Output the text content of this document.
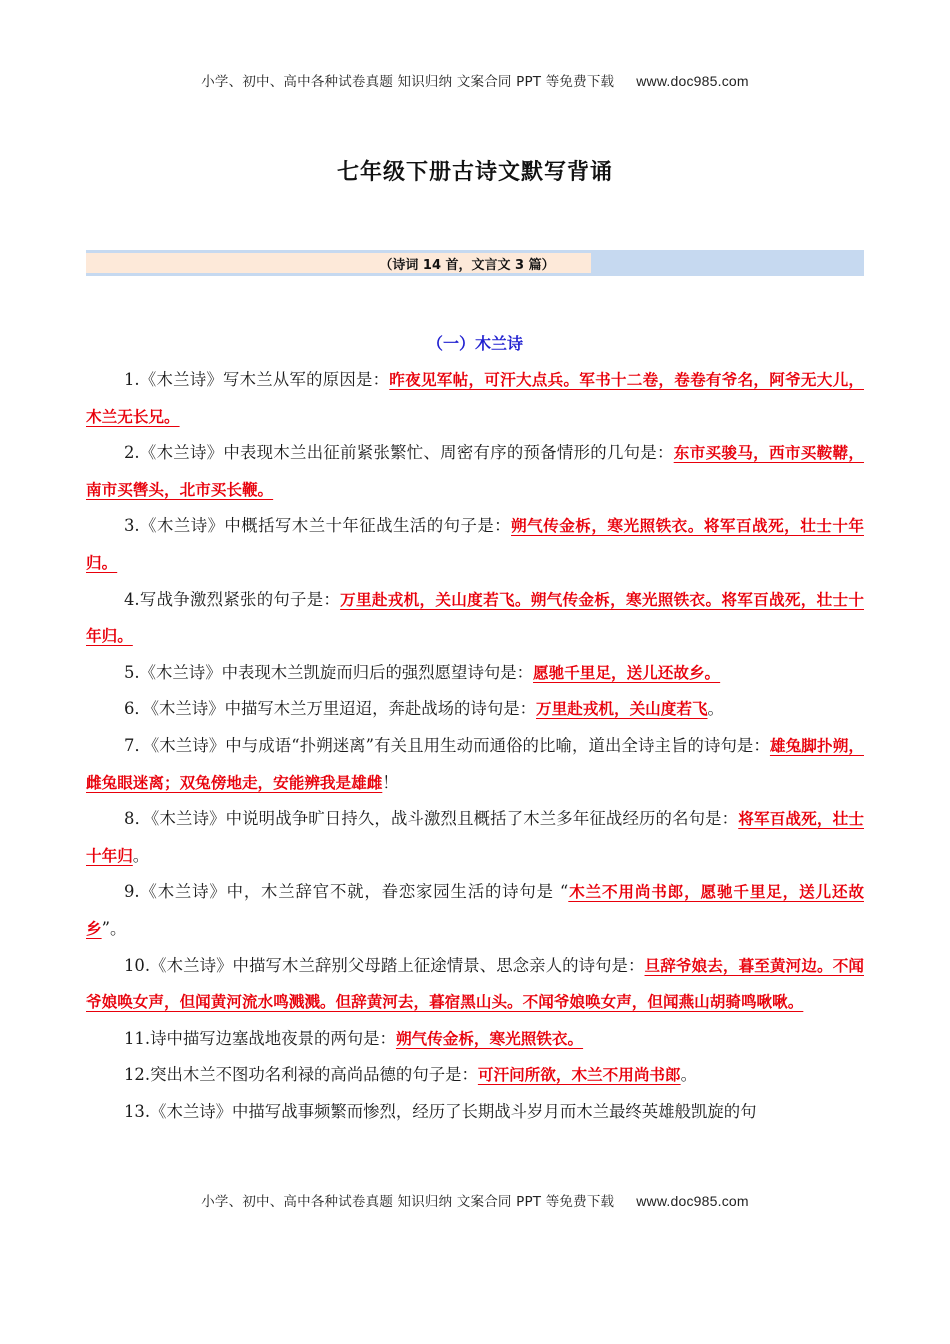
小学、初中、高中各种试卷真题 知识归纳 文案合同 PPT 等免费下载 www.doc985.com
七年级下册古诗文默写背诵
（诗词 14 首，文言文 3 篇）
（一）木兰诗

1.《木兰诗》写木兰从军的原因是：昨夜见军帖，可汗大点兵。军书十二卷，卷卷有爷名，阿爷无大儿，木兰无长兄。

2.《木兰诗》中表现木兰出征前紧张繁忙、周密有序的预备情形的几句是：东市买骏马，西市买鞍鞯，南市买辔头，北市买长鞭。

3.《木兰诗》中概括写木兰十年征战生活的句子是：朔气传金柝，寒光照铁衣。将军百战死，壮士十年归。

4.写战争激烈紧张的句子是：万里赴戎机，关山度若飞。朔气传金柝，寒光照铁衣。将军百战死，壮士十年归。

5.《木兰诗》中表现木兰凯旋而归后的强烈愿望诗句是：愿驰千里足，送儿还故乡。

6．《木兰诗》中描写木兰万里迢迢，奔赴战场的诗句是：万里赴戎机，关山度若飞。

7．《木兰诗》中与成语“扑朔迷离”有关且用生动而通俗的比喻，道出全诗主旨的诗句是：雄兔脚扑朔，雌兔眼迷离；双兔傍地走，安能辨我是雄雌！

8．《木兰诗》中说明战争旷日持久，战斗激烈且概括了木兰多年征战经历的名句是：将军百战死，壮士十年归。

9.《木兰诗》中，木兰辞官不就，眷恋家园生活的诗句是 “木兰不用尚书郎，愿驰千里足，送儿还故乡”。

10.《木兰诗》中描写木兰辞别父母踏上征途情景、思念亲人的诗句是：旦辞爷娘去，暮至黄河边。不闻爷娘唤女声，但闻黄河流水鸣溅溅。但辞黄河去，暮宿黑山头。不闻爷娘唤女声，但闻燕山胡骑鸣啾啾。

11.诗中描写边塞战地夜景的两句是：朔气传金柝，寒光照铁衣。

12.突出木兰不图功名利禄的高尚品德的句子是：可汗问所欲，木兰不用尚书郎。

13.《木兰诗》中描写战事频繁而惨烈，经历了长期战斗岁月而木兰最终英雄般凯旋的句

小学、初中、高中各种试卷真题 知识归纳 文案合同 PPT 等免费下载 www.doc985.com
